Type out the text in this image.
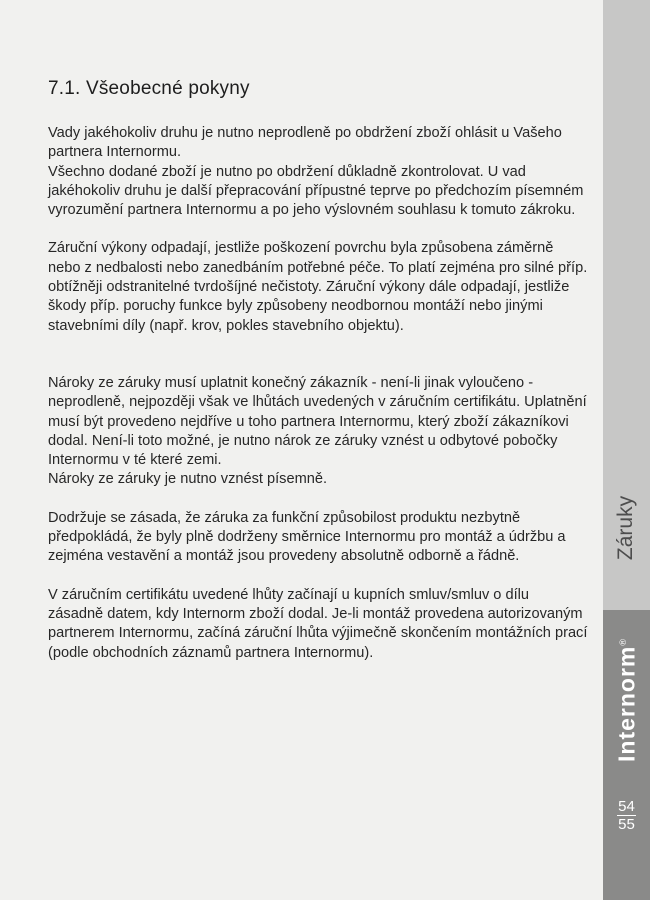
7.1. Všeobecné pokyny

Vady jakéhokoliv druhu je nutno neprodleně po obdržení zboží ohlásit u Vašeho partnera Internormu.

Všechno dodané zboží je nutno po obdržení důkladně zkontrolovat. U vad jakéhokoliv druhu je další přepracování přípustné teprve po předchozím písemném vyrozumění partnera Internormu a po jeho výslovném souhlasu k tomuto zákroku.

Záruční výkony odpadají, jestliže poškození povrchu byla způsobena záměrně nebo z nedbalosti nebo zanedbáním potřebné péče. To platí zejména pro silné příp. obtížněji odstranitelné tvrdošíjné nečistoty. Záruční výkony dále odpadají, jestliže škody příp. poruchy funkce byly způsobeny neodbornou montáží nebo jinými stavebními díly (např. krov, pokles stavebního objektu).

Nároky ze záruky musí uplatnit konečný zákazník - není-li jinak vyloučeno - neprodleně, nejpozději však ve lhůtách uvedených v záručním certifikátu. Uplatnění musí být provedeno nejdříve u toho partnera Internormu, který zboží zákazníkovi dodal. Není-li toto možné, je nutno nárok ze záruky vznést u odbytové pobočky Internormu v té které zemi.

Nároky ze záruky je nutno vznést písemně.

Dodržuje se zásada, že záruka za funkční způsobilost produktu nezbytně předpokládá, že byly plně dodrženy směrnice Internormu pro montáž a údržbu a zejména vestavění a montáž jsou provedeny absolutně odborně a řádně.

V záručním certifikátu uvedené lhůty začínají u kupních smluv/smluv o dílu zásadně datem, kdy Internorm zboží dodal. Je-li montáž provedena autorizovaným partnerem Internormu, začíná záruční lhůta výjimečně skončením montážních prací (podle obchodních záznamů partnera Internormu).

Záruky
Internorm®
54
55
